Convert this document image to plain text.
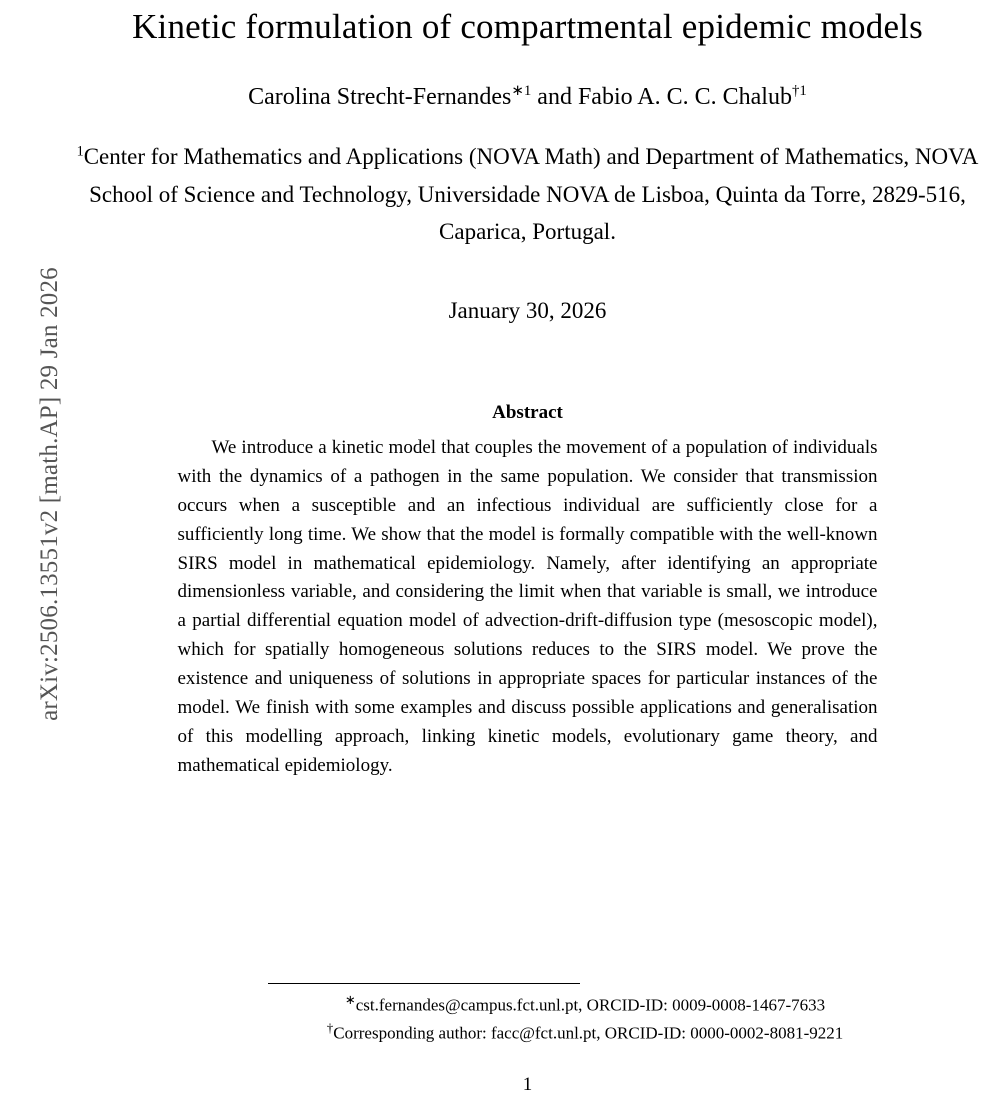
arXiv:2506.13551v2 [math.AP] 29 Jan 2026
Kinetic formulation of compartmental epidemic models
Carolina Strecht-Fernandes$^{∗1}$ and Fabio A. C. C. Chalub$^{\dagger 1}$
$^1$Center for Mathematics and Applications (NOVA Math) and Department of Mathematics, NOVA School of Science and Technology, Universidade NOVA de Lisboa, Quinta da Torre, 2829-516, Caparica, Portugal.
January 30, 2026
Abstract
We introduce a kinetic model that couples the movement of a population of individuals with the dynamics of a pathogen in the same population. We consider that transmission occurs when a susceptible and an infectious individual are sufficiently close for a sufficiently long time. We show that the model is formally compatible with the well-known SIRS model in mathematical epidemiology. Namely, after identifying an appropriate dimensionless variable, and considering the limit when that variable is small, we introduce a partial differential equation model of advection-drift-diffusion type (mesoscopic model), which for spatially homogeneous solutions reduces to the SIRS model. We prove the existence and uniqueness of solutions in appropriate spaces for particular instances of the model. We finish with some examples and discuss possible applications and generalisation of this modelling approach, linking kinetic models, evolutionary game theory, and mathematical epidemiology.
∗cst.fernandes@campus.fct.unl.pt, ORCID-ID: 0009-0008-1467-7633
†Corresponding author: facc@fct.unl.pt, ORCID-ID: 0000-0002-8081-9221
1
